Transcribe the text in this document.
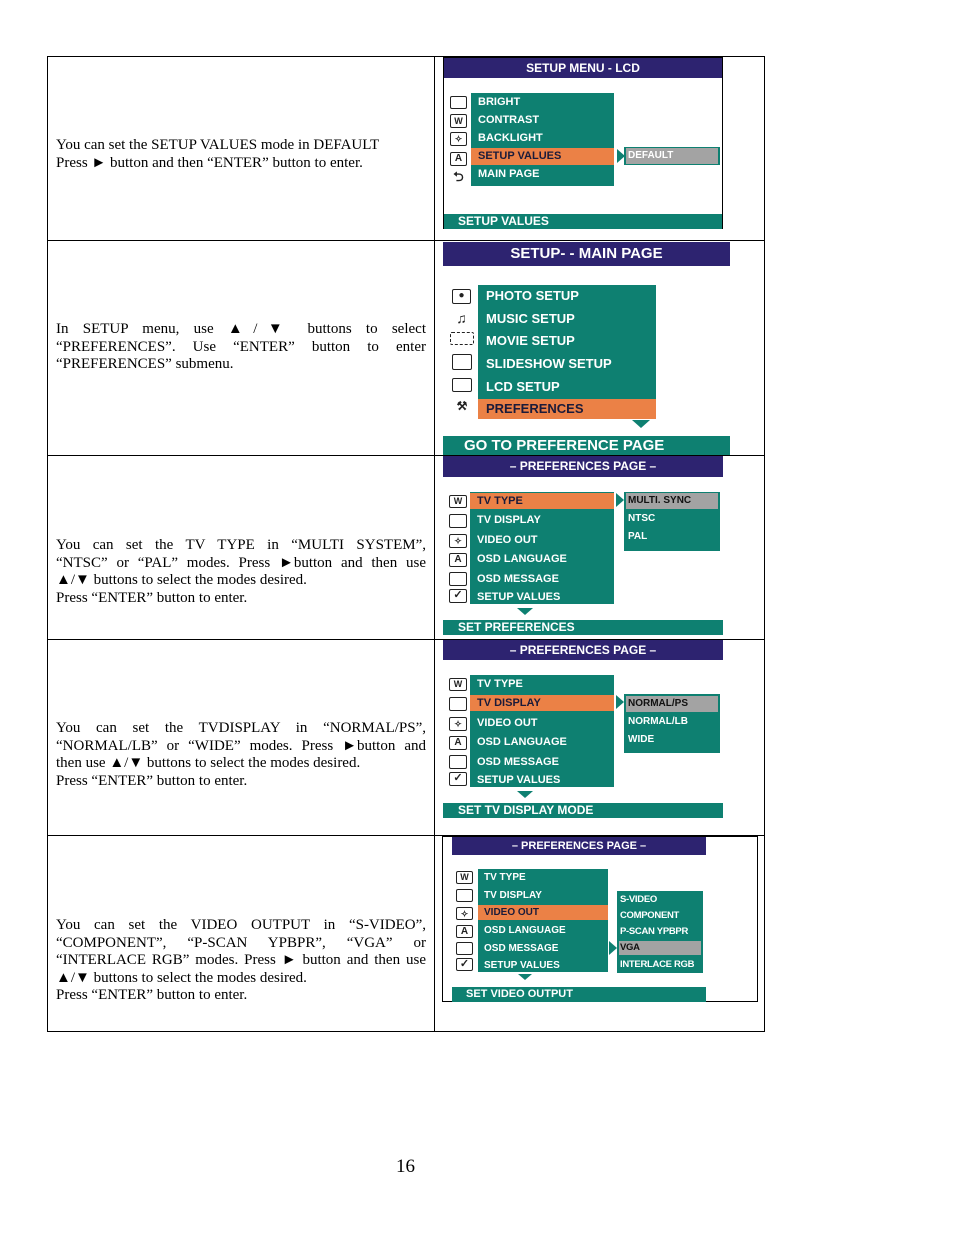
You can set the SETUP VALUES mode in DEFAULT

Press ► button and then “ENTER” button to enter.

In SETUP menu, use ▲/▼ buttons to select

“PREFERENCES”. Use “ENTER” button to enter

“PREFERENCES” submenu.

You can set the TV TYPE in “MULTI SYSTEM”,

“NTSC” or “PAL” modes. Press ►button and then use

▲/▼ buttons to select the modes desired.

Press “ENTER” button to enter.

You can set the TVDISPLAY in “NORMAL/PS”,

“NORMAL/LB” or “WIDE” modes. Press ►button and

then use ▲/▼ buttons to select the modes desired.

Press “ENTER” button to enter.

You can set the VIDEO OUTPUT in “S-VIDEO”,

“COMPONENT”, “P-SCAN YPBPR”, “VGA” or

“INTERLACE RGB” modes. Press ► button and then use

▲/▼ buttons to select the modes desired.

Press “ENTER” button to enter.

SETUP MENU - LCD
W
✧
A
⮌
BRIGHT
CONTRAST
BACKLIGHT
SETUP VALUES
MAIN PAGE
DEFAULT
SETUP VALUES
SETUP- - MAIN PAGE
●
♫
⚒
PHOTO SETUP
MUSIC SETUP
MOVIE SETUP
SLIDESHOW SETUP
LCD SETUP
PREFERENCES
GO TO PREFERENCE PAGE
– PREFERENCES PAGE –
W
✧
A
✓
TV TYPE
TV DISPLAY
VIDEO OUT
OSD LANGUAGE
OSD MESSAGE
SETUP VALUES
MULTI. SYNC
NTSC
PAL
SET PREFERENCES
– PREFERENCES PAGE –
W
✧
A
✓
TV TYPE
TV DISPLAY
VIDEO OUT
OSD LANGUAGE
OSD MESSAGE
SETUP VALUES
NORMAL/PS
NORMAL/LB
WIDE
SET TV DISPLAY MODE
– PREFERENCES PAGE –
W
✧
A
✓
TV TYPE
TV DISPLAY
VIDEO OUT
OSD LANGUAGE
OSD MESSAGE
SETUP VALUES
S-VIDEO
COMPONENT
P-SCAN YPBPR
VGA
INTERLACE RGB
SET VIDEO OUTPUT
16
